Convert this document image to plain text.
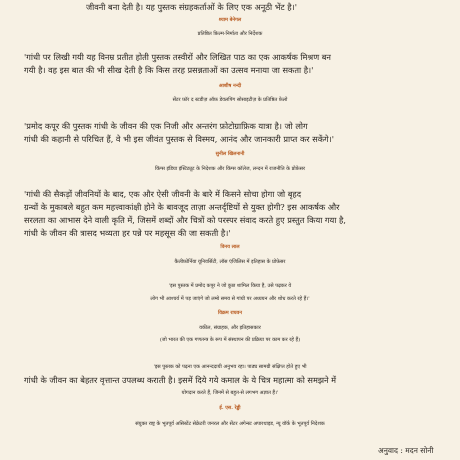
जीवनी बना देती है। यह पुस्तक संग्रहकर्ताओं के लिए एक अनूठी भेंट है।'
श्याम बेनेगल
प्रतिष्ठित फ़िल्म-निर्माता और निर्देशक
'गांधी पर लिखी गयी यह विनम्र प्रतीत होती पुस्तक तस्वीरों और लिखित पाठ का एक आकर्षक मिश्रण बन
गयी है। वह इस बात की भी सीख देती है कि किस तरह प्रसन्नताओं का उत्सव मनाया जा सकता है।'
आशीष नन्दी
सेंटर फ़ॉर द स्टडीज़ ऑफ़ डेवलपिंग सोसाइटीज़ के प्रतिष्ठित फ़ेलो
'प्रमोद कपूर की पुस्तक गांधी के जीवन की एक निजी और अन्तरंग फ़ोटोग्राफ़िक यात्रा है। जो लोग
गांधी की कहानी से परिचित हैं, वे भी इस जीवंत पुस्तक से विस्मय, आनंद और जानकारी प्राप्त कर सकेंगे।'
सुनील खिलनानी
किंग्स इंडिया इंस्टिट्यूट के निदेशक और किंग्स कॉलेज, लन्दन में राजनीति के प्रोफ़ेसर
'गांधी की सैकड़ों जीवनियों के बाद, एक और ऐसी जीवनी के बारे में किसने सोचा होगा जो बृहद
ग्रन्थों के मुकाबले बहुत कम महत्त्वाकांक्षी होने के बावजूद ताज़ा अन्तर्दृष्टियों से युक्त होगी? इस आकर्षक और
सरलता का आभास देने वाली कृति में, जिसमें शब्दों और चित्रों को परस्पर संवाद करते हुए प्रस्तुत किया गया है,
गांधी के जीवन की त्रासद भव्यता हर पन्ने पर महसूस की जा सकती है।'
विनय लाल
कैलीफ़ोर्निया यूनिवर्सिटी, लॉस एंजिलिस में इतिहास के प्रोफ़ेसर
'इस पुस्तक में प्रमोद कपूर ने जो कुछ शामिल किया है, उसे पढ़कर वे
लोग भी आश्चर्य में पड़ जाएंगे जो लम्बे समय से गांधी पर अध्ययन और शोध करते रहे हैं।'
विक्रम राघवन
वकील, संग्राहक, और इतिहासकार
(जो भारत की एक गणतन्त्र के रूप में संस्थापन की प्रक्रिया पर काम कर रहे हैं)
'इस पुस्तक को पढ़ना एक आनन्ददायी अनुभव रहा। पाठ्य सामग्री संक्षिप्त होते हुए भी
गांधी के जीवन का बेहतर वृत्तान्त उपलब्ध कराती है। इसमें दिये गये कमाल के ये चित्र महात्मा को समझने में
योगदान करते हैं, जिनमें से बहुत-से लगभग अज्ञात हैं।'
ई. एस. रेड्डी
संयुक्त राष्ट्र के भूतपूर्व असिस्टेंट सेक्रेटरी जनरल और सेंटर अगेन्स्ट अपारथाइड, न्यू यॉर्क के भूतपूर्व निदेशक
अनुवाद : मदन सोनी
